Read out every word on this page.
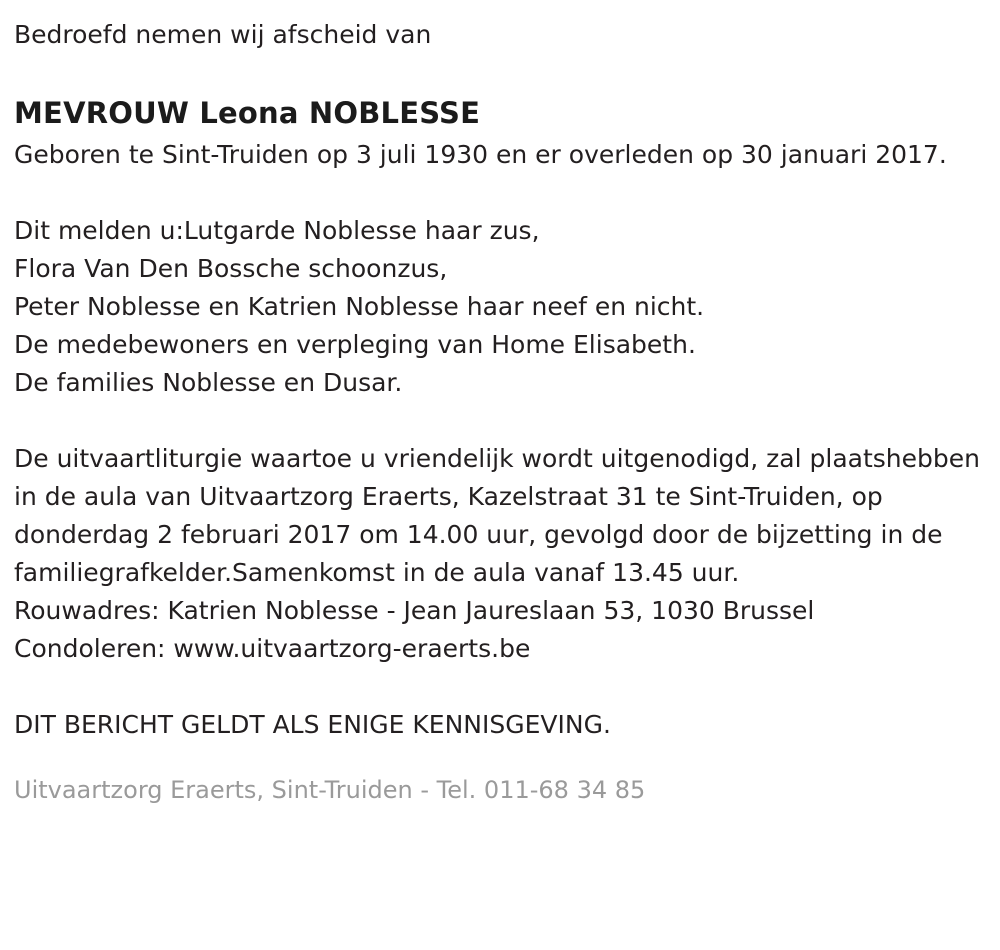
Bedroefd nemen wij afscheid van
MEVROUW Leona NOBLESSE
Geboren te Sint-Truiden op 3 juli 1930 en er overleden op 30 januari 2017.
Dit melden u:Lutgarde Noblesse haar zus,
Flora Van Den Bossche schoonzus,
Peter Noblesse en Katrien Noblesse haar neef en nicht.
De medebewoners en verpleging van Home Elisabeth.
De families Noblesse en Dusar.
De uitvaartliturgie waartoe u vriendelijk wordt uitgenodigd, zal plaatshebben in de aula van Uitvaartzorg Eraerts, Kazelstraat 31 te Sint-Truiden, op donderdag 2 februari 2017 om 14.00 uur, gevolgd door de bijzetting in de familiegrafkelder.Samenkomst in de aula vanaf 13.45 uur.
Rouwadres: Katrien Noblesse - Jean Jaureslaan 53, 1030 Brussel
Condoleren: www.uitvaartzorg-eraerts.be
DIT BERICHT GELDT ALS ENIGE KENNISGEVING.
Uitvaartzorg Eraerts, Sint-Truiden - Tel. 011-68 34 85
